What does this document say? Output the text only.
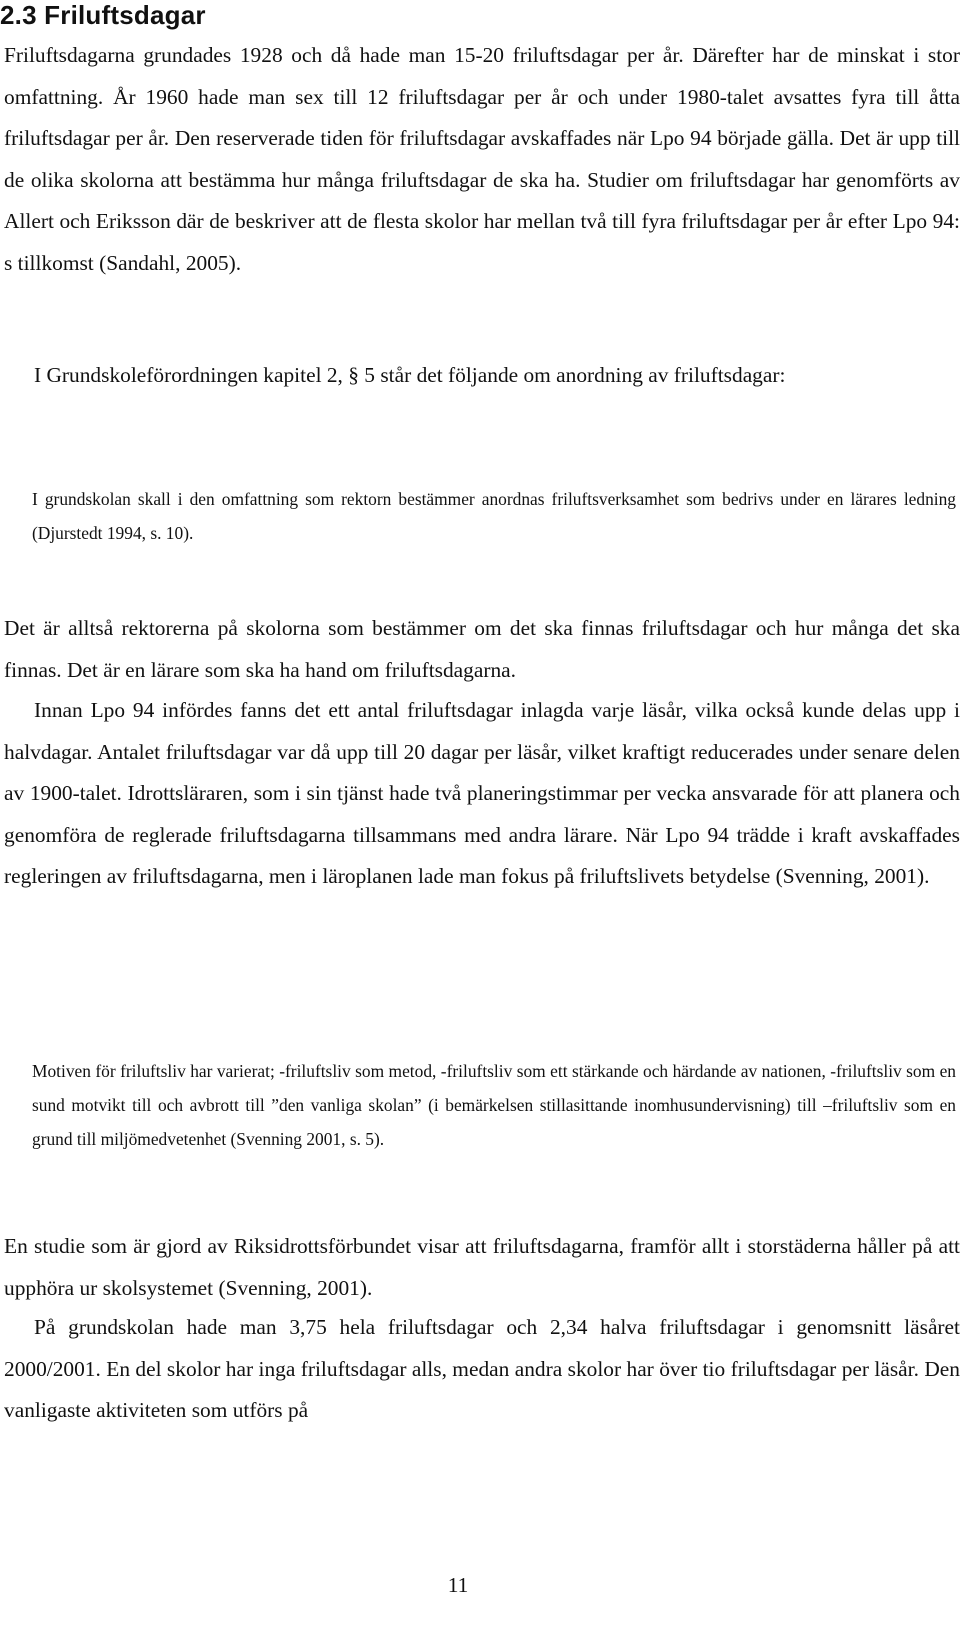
2.3 Friluftsdagar

Friluftsdagarna grundades 1928 och då hade man 15-20 friluftsdagar per år. Därefter har de minskat i stor omfattning. År 1960 hade man sex till 12 friluftsdagar per år och under 1980-talet avsattes fyra till åtta friluftsdagar per år. Den reserverade tiden för friluftsdagar avskaffades när Lpo 94 började gälla. Det är upp till de olika skolorna att bestämma hur många friluftsdagar de ska ha. Studier om friluftsdagar har genomförts av Allert och Eriksson där de beskriver att de flesta skolor har mellan två till fyra friluftsdagar per år efter Lpo 94: s tillkomst (Sandahl, 2005).

I Grundskoleförordningen kapitel 2, § 5 står det följande om anordning av friluftsdagar:

I grundskolan skall i den omfattning som rektorn bestämmer anordnas friluftsverksamhet som bedrivs under en lärares ledning (Djurstedt 1994, s. 10).

Det är alltså rektorerna på skolorna som bestämmer om det ska finnas friluftsdagar och hur många det ska finnas. Det är en lärare som ska ha hand om friluftsdagarna.

Innan Lpo 94 infördes fanns det ett antal friluftsdagar inlagda varje läsår, vilka också kunde delas upp i halvdagar. Antalet friluftsdagar var då upp till 20 dagar per läsår, vilket kraftigt reducerades under senare delen av 1900-talet. Idrottsläraren, som i sin tjänst hade två planeringstimmar per vecka ansvarade för att planera och genomföra de reglerade friluftsdagarna tillsammans med andra lärare. När Lpo 94 trädde i kraft avskaffades regleringen av friluftsdagarna, men i läroplanen lade man fokus på friluftslivets betydelse (Svenning, 2001).

Motiven för friluftsliv har varierat; -friluftsliv som metod, -friluftsliv som ett stärkande och härdande av nationen, -friluftsliv som en sund motvikt till och avbrott till ”den vanliga skolan” (i bemärkelsen stillasittande inomhusundervisning) till –friluftsliv som en grund till miljömedvetenhet (Svenning 2001, s. 5).

En studie som är gjord av Riksidrottsförbundet visar att friluftsdagarna, framför allt i storstäderna håller på att upphöra ur skolsystemet (Svenning, 2001).

På grundskolan hade man 3,75 hela friluftsdagar och 2,34 halva friluftsdagar i genomsnitt läsåret 2000/2001. En del skolor har inga friluftsdagar alls, medan andra skolor har över tio friluftsdagar per läsår. Den vanligaste aktiviteten som utförs på

11
